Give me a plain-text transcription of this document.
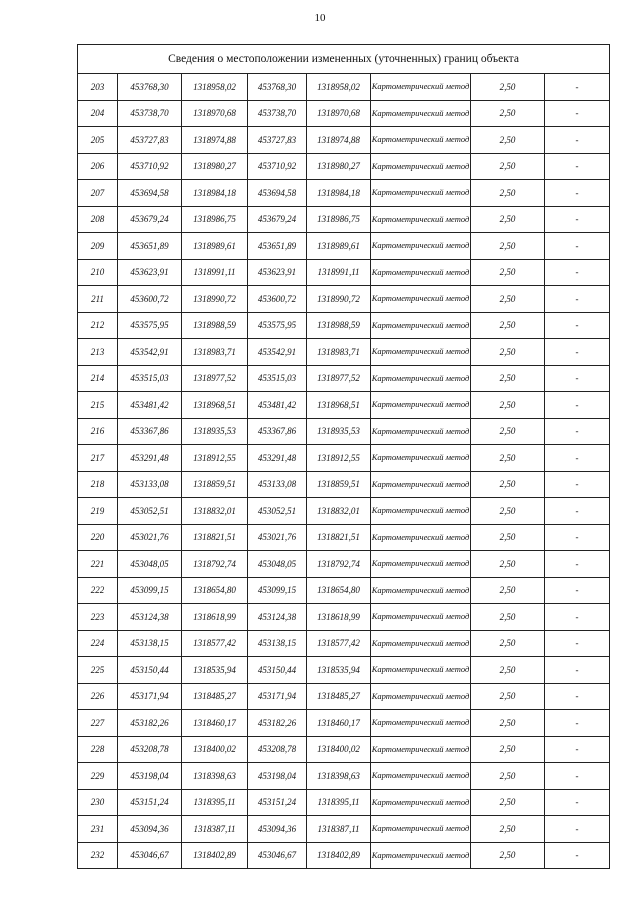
10
Сведения о местоположении измененных (уточненных) границ объекта							
203	453768,30	1318958,02	453768,30	1318958,02	Картометрический метод	2,50	-
204	453738,70	1318970,68	453738,70	1318970,68	Картометрический метод	2,50	-
205	453727,83	1318974,88	453727,83	1318974,88	Картометрический метод	2,50	-
206	453710,92	1318980,27	453710,92	1318980,27	Картометрический метод	2,50	-
207	453694,58	1318984,18	453694,58	1318984,18	Картометрический метод	2,50	-
208	453679,24	1318986,75	453679,24	1318986,75	Картометрический метод	2,50	-
209	453651,89	1318989,61	453651,89	1318989,61	Картометрический метод	2,50	-
210	453623,91	1318991,11	453623,91	1318991,11	Картометрический метод	2,50	-
211	453600,72	1318990,72	453600,72	1318990,72	Картометрический метод	2,50	-
212	453575,95	1318988,59	453575,95	1318988,59	Картометрический метод	2,50	-
213	453542,91	1318983,71	453542,91	1318983,71	Картометрический метод	2,50	-
214	453515,03	1318977,52	453515,03	1318977,52	Картометрический метод	2,50	-
215	453481,42	1318968,51	453481,42	1318968,51	Картометрический метод	2,50	-
216	453367,86	1318935,53	453367,86	1318935,53	Картометрический метод	2,50	-
217	453291,48	1318912,55	453291,48	1318912,55	Картометрический метод	2,50	-
218	453133,08	1318859,51	453133,08	1318859,51	Картометрический метод	2,50	-
219	453052,51	1318832,01	453052,51	1318832,01	Картометрический метод	2,50	-
220	453021,76	1318821,51	453021,76	1318821,51	Картометрический метод	2,50	-
221	453048,05	1318792,74	453048,05	1318792,74	Картометрический метод	2,50	-
222	453099,15	1318654,80	453099,15	1318654,80	Картометрический метод	2,50	-
223	453124,38	1318618,99	453124,38	1318618,99	Картометрический метод	2,50	-
224	453138,15	1318577,42	453138,15	1318577,42	Картометрический метод	2,50	-
225	453150,44	1318535,94	453150,44	1318535,94	Картометрический метод	2,50	-
226	453171,94	1318485,27	453171,94	1318485,27	Картометрический метод	2,50	-
227	453182,26	1318460,17	453182,26	1318460,17	Картометрический метод	2,50	-
228	453208,78	1318400,02	453208,78	1318400,02	Картометрический метод	2,50	-
229	453198,04	1318398,63	453198,04	1318398,63	Картометрический метод	2,50	-
230	453151,24	1318395,11	453151,24	1318395,11	Картометрический метод	2,50	-
231	453094,36	1318387,11	453094,36	1318387,11	Картометрический метод	2,50	-
232	453046,67	1318402,89	453046,67	1318402,89	Картометрический метод	2,50	-
